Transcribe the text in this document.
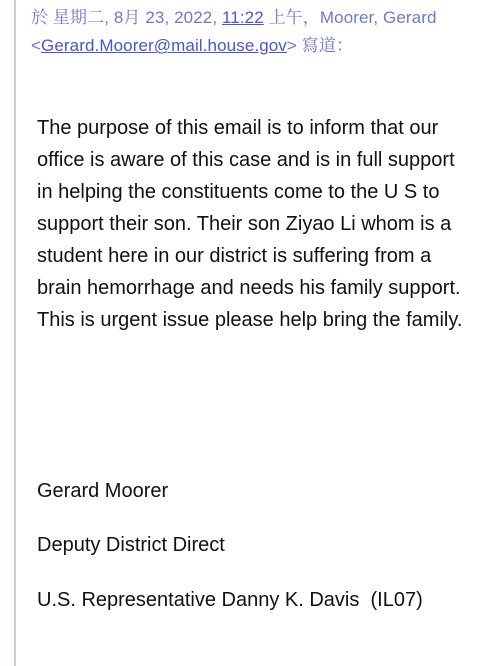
於 星期二, 8月 23, 2022, 11:22 上午，Moorer, Gerard <Gerard.Moorer@mail.house.gov> 寫道：

The purpose of this email is to inform that our office is aware of this case and is in full support in helping the constituents come to the U S to support their son. Their son Ziyao Li whom is a student here in our district is suffering from a brain hemorrhage and needs his family support. This is urgent issue please help bring the family.

Gerard Moorer
Deputy District Direct
U.S. Representative Danny K. Davis  (IL07)
